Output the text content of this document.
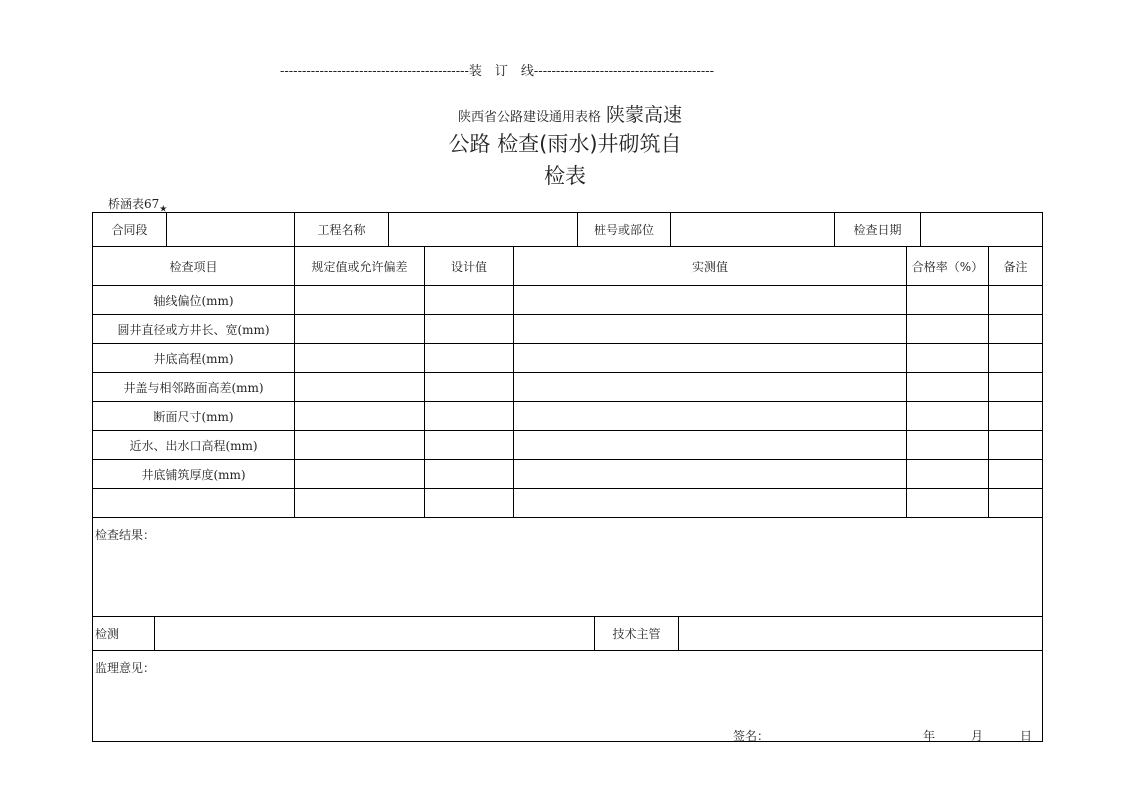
-------------------------------------------装　订　线-----------------------------------------
陕西省公路建设通用表格 陕蒙高速
公路 检查(雨水)井砌筑自
检表
桥涵表$67_★$
合同段	工程名称	桩号或部位	检查日期
检查项目	规定值或允许偏差	设计值	实测值	合格率（%）	备注
轴线偏位(mm)
圆井直径或方井长、宽(mm)
井底高程(mm)
井盖与相邻路面高差(mm)
断面尺寸(mm)
近水、出水口高程(mm)
井底铺筑厚度(mm)
检查结果：
检测	技术主管
监理意见：
签名：	年	月	日
